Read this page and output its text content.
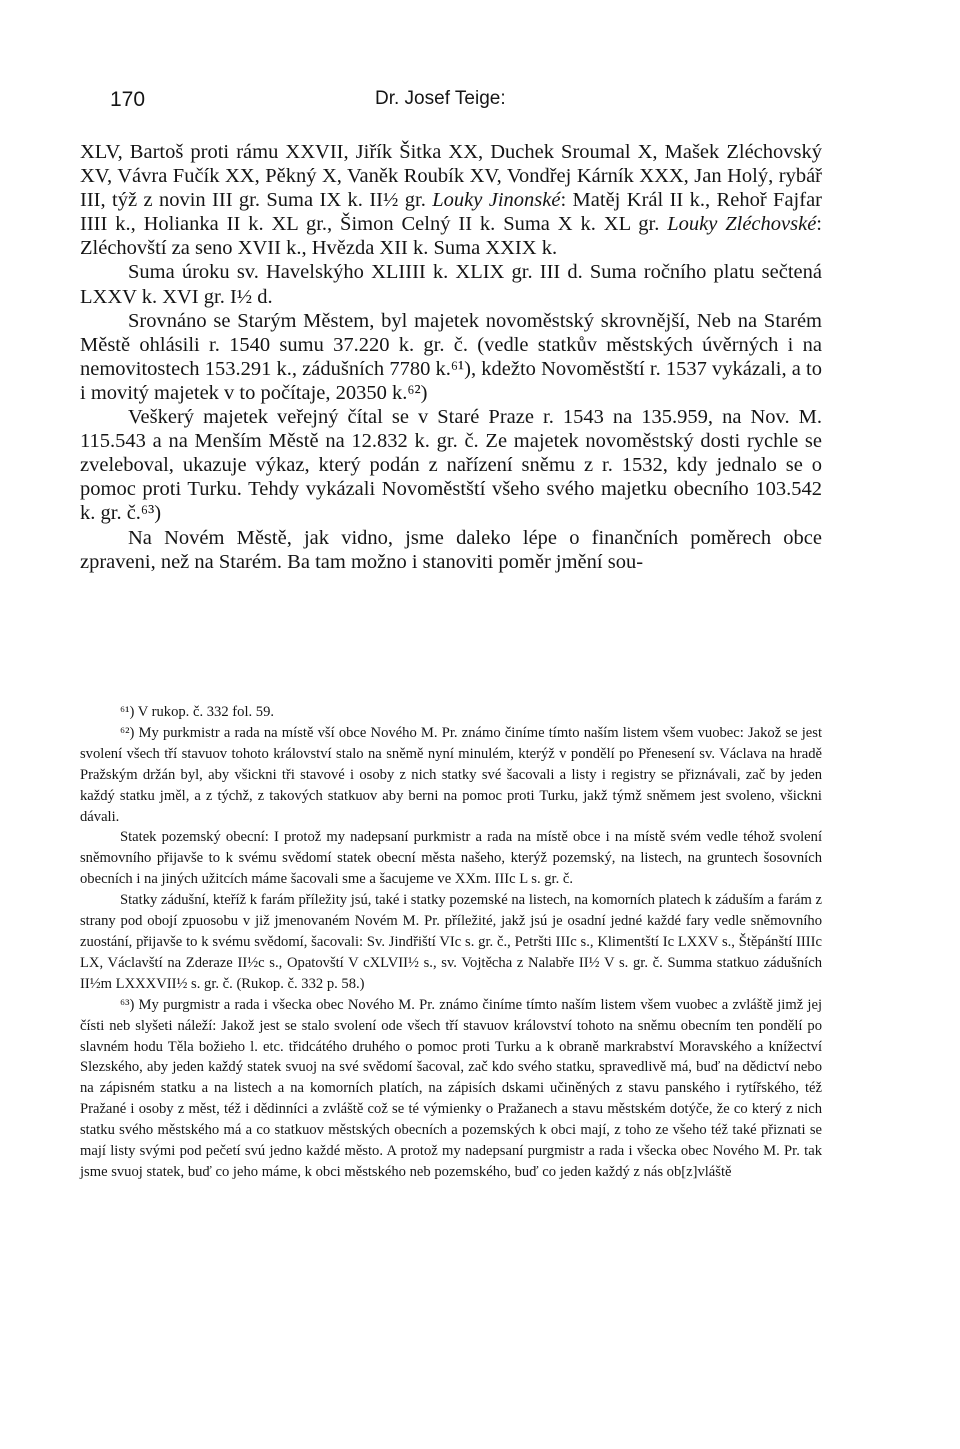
170	Dr. Josef Teige:

XLV, Bartoš proti rámu XXVII, Jiřík Šitka XX, Duchek Sroumal X, Mašek Zléchovský XV, Vávra Fučík XX, Pěkný X, Vaněk Roubík XV, Vondřej Kárník XXX, Jan Holý, rybář III, týž z novin III gr. Suma IX k. II½ gr. Louky Jinonské: Matěj Král II k., Rehoř Fajfar IIII k., Holianka II k. XL gr., Šimon Celný II k. Suma X k. XL gr. Louky Zléchovské: Zléchovští za seno XVII k., Hvězda XII k. Suma XXIX k.

Suma úroku sv. Havelskýho XLIIII k. XLIX gr. III d. Suma ročního platu sečtená LXXV k. XVI gr. I½ d.

Srovnáno se Starým Městem, byl majetek novoměstský skrovnější, Neb na Starém Městě ohlásili r. 1540 sumu 37.220 k. gr. č. (vedle statkův městských úvěrných i na nemovitostech 153.291 k., zádušních 7780 k.⁶¹), kdežto Novoměstští r. 1537 vykázali, a to i movitý majetek v to počítaje, 20350 k.⁶²)

Veškerý majetek veřejný čítal se v Staré Praze r. 1543 na 135.959, na Nov. M. 115.543 a na Menším Městě na 12.832 k. gr. č. Ze majetek novoměstský dosti rychle se zveleboval, ukazuje výkaz, který podán z nařízení sněmu z r. 1532, kdy jednalo se o pomoc proti Turku. Tehdy vykázali Novoměstští všeho svého majetku obecního 103.542 k. gr. č.⁶³)

Na Novém Městě, jak vidno, jsme daleko lépe o finančních poměrech obce zpraveni, než na Starém. Ba tam možno i stanoviti poměr jmění sou-

⁶¹) V rukop. č. 332 fol. 59.

⁶²) My purkmistr a rada na místě vší obce Nového M. Pr. známo činíme tímto naším listem všem vuobec: Jakož se jest svolení všech tří stavuov tohoto království stalo na sněmě nyní minulém, kterýž v pondělí po Přenesení sv. Václava na hradě Pražským držán byl, aby všickni tři stavové i osoby z nich statky své šacovali a listy i registry se přiznávali, zač by jeden každý statku jměl, a z týchž, z takových statkuov aby berni na pomoc proti Turku, jakž týmž sněmem jest svoleno, všickni dávali.

Statek pozemský obecní: I protož my nadepsaní purkmistr a rada na místě obce i na místě svém vedle téhož svolení sněmovního přijavše to k svému svědomí statek obecní města našeho, kterýž pozemský, na listech, na gruntech šosovních obecních i na jiných užitcích máme šacovali sme a šacujeme ve XXm. IIIc L s. gr. č.

Statky zádušní, kteříž k farám příležity jsú, také i statky pozemské na listech, na komorních platech k záduším a farám z strany pod obojí zpuosobu v již jmenovaném Novém M. Pr. příležité, jakž jsú je osadní jedné každé fary vedle sněmovního zuostání, přijavše to k svému svědomí, šacovali: Sv. Jindřiští VIc s. gr. č., Petršti IIIc s., Klimentští Ic LXXV s., Štěpánští IIIIc LX, Václavští na Zderaze II½c s., Opatovští V cXLVII½ s., sv. Vojtěcha z Nalabře II½ V s. gr. č. Summa statkuo zádušních II½m LXXXVII½ s. gr. č. (Rukop. č. 332 p. 58.)

⁶³) My purgmistr a rada i všecka obec Nového M. Pr. známo činíme tímto naším listem všem vuobec a zvláště jimž jej čísti neb slyšeti náleží: Jakož jest se stalo svolení ode všech tří stavuov království tohoto na sněmu obecním ten pondělí po slavném hodu Těla božieho l. etc. třidcátého druhého o pomoc proti Turku a k obraně markrabství Moravského a knížectví Slezského, aby jeden každý statek svuoj na své svědomí šacoval, zač kdo svého statku, spravedlivě má, buď na dědictví nebo na zápisném statku a na listech a na komorních platích, na zápisích dskami učiněných z stavu panského i rytířského, též Pražané i osoby z měst, též i dědinníci a zvláště což se té výmienky o Pražanech a stavu městském dotýče, že co který z nich statku svého městského má a co statkuov městských obecních a pozemských k obci mají, z toho ze všeho též také přiznati se mají listy svými pod pečetí svú jedno každé město. A protož my nadepsaní purgmistr a rada i všecka obec Nového M. Pr. tak jsme svuoj statek, buď co jeho máme, k obci městského neb pozemského, buď co jeden každý z nás ob[z]vláště
